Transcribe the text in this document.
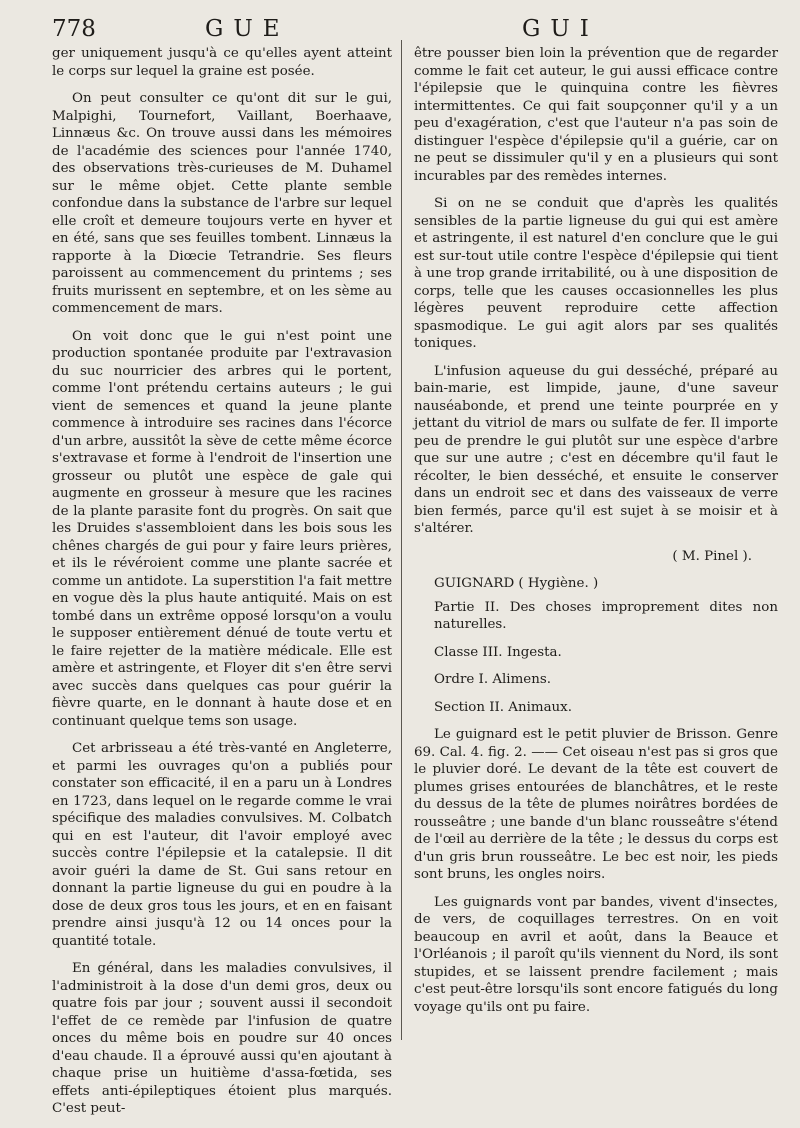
778	GUE	GUI

ger uniquement jusqu'à ce qu'elles ayent atteint le corps sur lequel la graine est posée.

On peut consulter ce qu'ont dit sur le gui, Malpighi, Tournefort, Vaillant, Boerhaave, Linnæus &c. On trouve aussi dans les mémoires de l'académie des sciences pour l'année 1740, des observations très-curieuses de M. Duhamel sur le même objet. Cette plante semble confondue dans la substance de l'arbre sur lequel elle croît et demeure toujours verte en hyver et en été, sans que ses feuilles tombent. Linnæus la rapporte à la Diœcie Tetrandrie. Ses fleurs paroissent au commencement du printems ; ses fruits murissent en septembre, et on les sème au commencement de mars.

On voit donc que le gui n'est point une production spontanée produite par l'extravasion du suc nourricier des arbres qui le portent, comme l'ont prétendu certains auteurs ; le gui vient de semences et quand la jeune plante commence à introduire ses racines dans l'écorce d'un arbre, aussitôt la sève de cette même écorce s'extravase et forme à l'endroit de l'insertion une grosseur ou plutôt une espèce de gale qui augmente en grosseur à mesure que les racines de la plante parasite font du progrès. On sait que les Druides s'assembloient dans les bois sous les chênes chargés de gui pour y faire leurs prières, et ils le révéroient comme une plante sacrée et comme un antidote. La superstition l'a fait mettre en vogue dès la plus haute antiquité. Mais on est tombé dans un extrême opposé lorsqu'on a voulu le supposer entièrement dénué de toute vertu et le faire rejetter de la matière médicale. Elle est amère et astringente, et Floyer dit s'en être servi avec succès dans quelques cas pour guérir la fièvre quarte, en le donnant à haute dose et en continuant quelque tems son usage.

Cet arbrisseau a été très-vanté en Angleterre, et parmi les ouvrages qu'on a publiés pour constater son efficacité, il en a paru un à Londres en 1723, dans lequel on le regarde comme le vrai spécifique des maladies convulsives. M. Colbatch qui en est l'auteur, dit l'avoir employé avec succès contre l'épilepsie et la catalepsie. Il dit avoir guéri la dame de St. Gui sans retour en donnant la partie ligneuse du gui en poudre à la dose de deux gros tous les jours, et en en faisant prendre ainsi jusqu'à 12 ou 14 onces pour la quantité totale.

En général, dans les maladies convulsives, il l'administroit à la dose d'un demi gros, deux ou quatre fois par jour ; souvent aussi il secondoit l'effet de ce remède par l'infusion de quatre onces du même bois en poudre sur 40 onces d'eau chaude. Il a éprouvé aussi qu'en ajoutant à chaque prise un huitième d'assa-fœtida, ses effets anti-épileptiques étoient plus marqués. C'est peut-

être pousser bien loin la prévention que de regarder comme le fait cet auteur, le gui aussi efficace contre l'épilepsie que le quinquina contre les fièvres intermittentes. Ce qui fait soupçonner qu'il y a un peu d'exagération, c'est que l'auteur n'a pas soin de distinguer l'espèce d'épilepsie qu'il a guérie, car on ne peut se dissimuler qu'il y en a plusieurs qui sont incurables par des remèdes internes.

Si on ne se conduit que d'après les qualités sensibles de la partie ligneuse du gui qui est amère et astringente, il est naturel d'en conclure que le gui est sur-tout utile contre l'espèce d'épilepsie qui tient à une trop grande irritabilité, ou à une disposition de corps, telle que les causes occasionnelles les plus légères peuvent reproduire cette affection spasmodique. Le gui agit alors par ses qualités toniques.

L'infusion aqueuse du gui desséché, préparé au bain-marie, est limpide, jaune, d'une saveur nauséabonde, et prend une teinte pourprée en y jettant du vitriol de mars ou sulfate de fer. Il importe peu de prendre le gui plutôt sur une espèce d'arbre que sur une autre ; c'est en décembre qu'il faut le récolter, le bien desséché, et ensuite le conserver dans un endroit sec et dans des vaisseaux de verre bien fermés, parce qu'il est sujet à se moisir et à s'altérer.

( M. Pinel ).

GUIGNARD ( Hygiène. )

Partie II. Des choses improprement dites non naturelles.

Classe III. Ingesta.

Ordre I. Alimens.

Section II. Animaux.

Le guignard est le petit pluvier de Brisson. Genre 69. Cal. 4. fig. 2. —— Cet oiseau n'est pas si gros que le pluvier doré. Le devant de la tête est couvert de plumes grises entourées de blanchâtres, et le reste du dessus de la tête de plumes noirâtres bordées de rousseâtre ; une bande d'un blanc rousseâtre s'étend de l'œil au derrière de la tête ; le dessus du corps est d'un gris brun rousseâtre. Le bec est noir, les pieds sont bruns, les ongles noirs.

Les guignards vont par bandes, vivent d'insectes, de vers, de coquillages terrestres. On en voit beaucoup en avril et août, dans la Beauce et l'Orléanois ; il paroît qu'ils viennent du Nord, ils sont stupides, et se laissent prendre facilement ; mais c'est peut-être lorsqu'ils sont encore fatigués du long voyage qu'ils ont pu faire.
